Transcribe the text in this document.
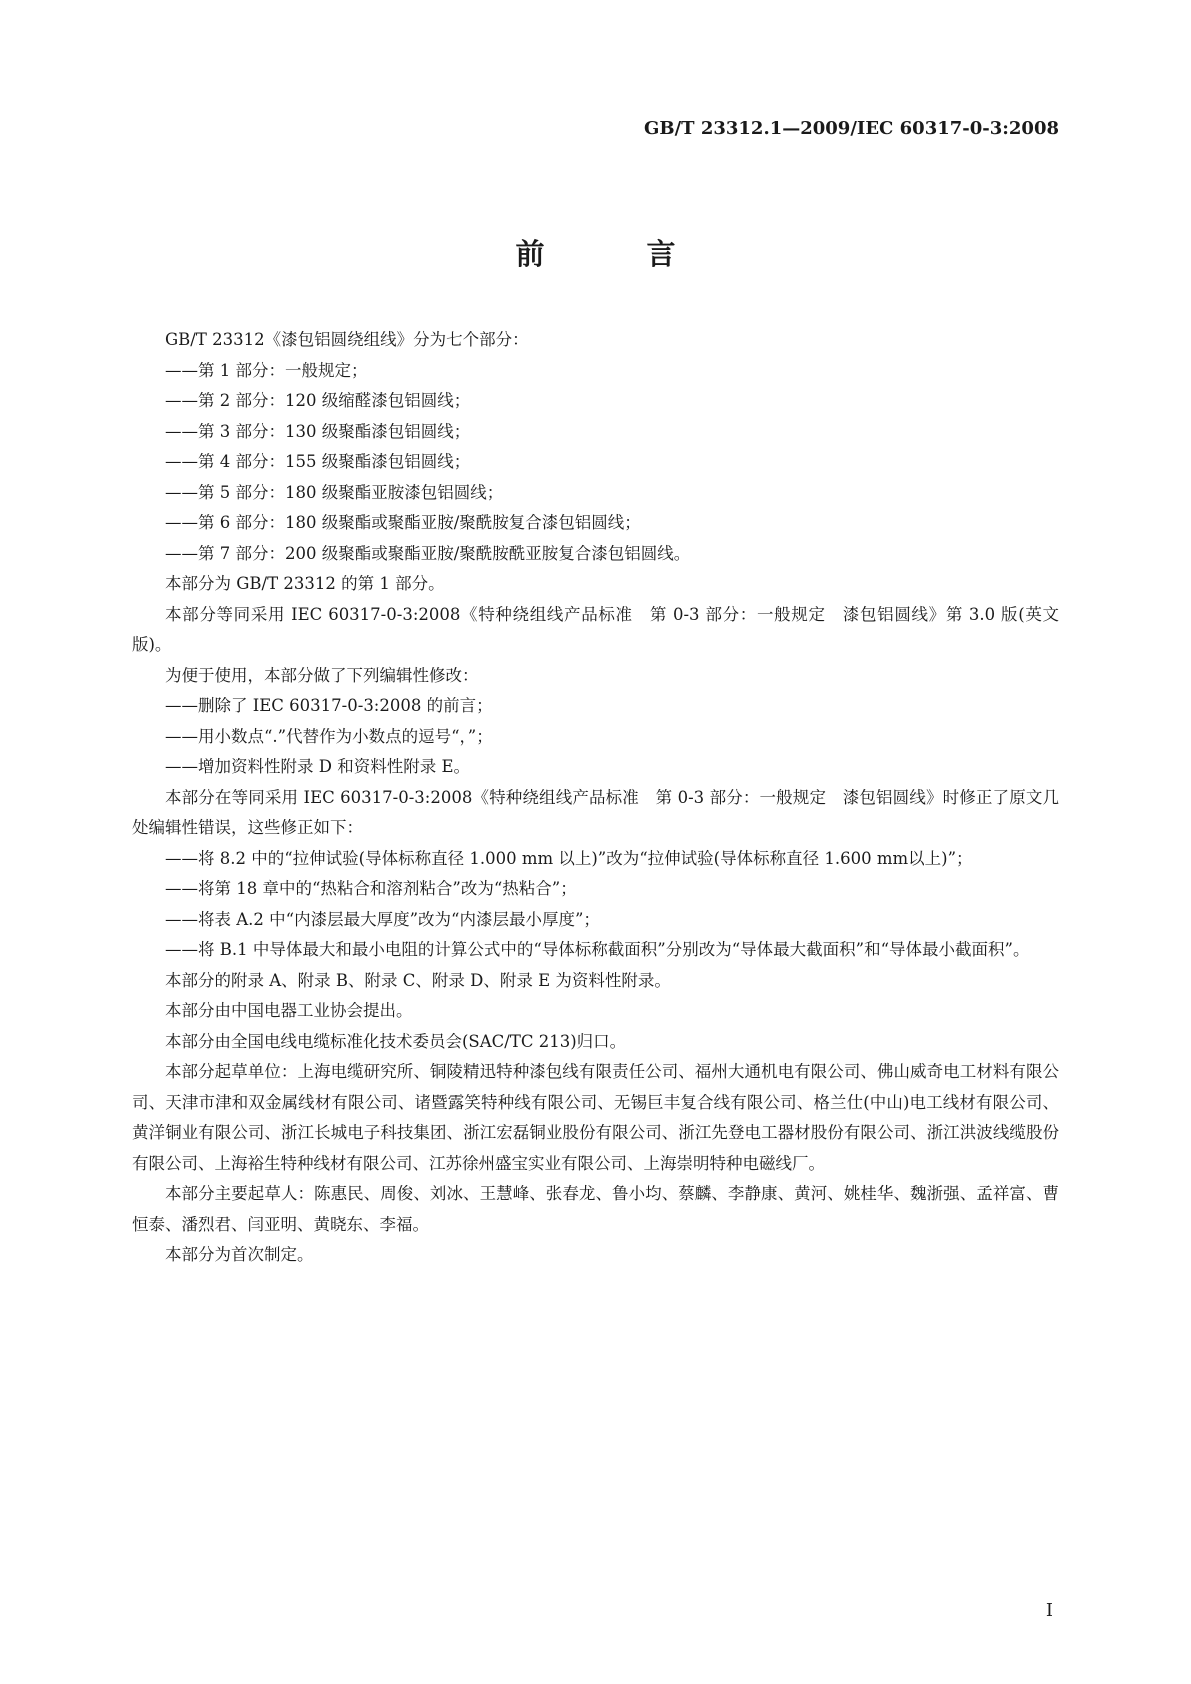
GB/T 23312.1—2009/IEC 60317-0-3:2008
前 言

GB/T 23312《漆包铝圆绕组线》分为七个部分：

——第 1 部分：一般规定；

——第 2 部分：120 级缩醛漆包铝圆线；

——第 3 部分：130 级聚酯漆包铝圆线；

——第 4 部分：155 级聚酯漆包铝圆线；

——第 5 部分：180 级聚酯亚胺漆包铝圆线；

——第 6 部分：180 级聚酯或聚酯亚胺/聚酰胺复合漆包铝圆线；

——第 7 部分：200 级聚酯或聚酯亚胺/聚酰胺酰亚胺复合漆包铝圆线。

本部分为 GB/T 23312 的第 1 部分。

本部分等同采用 IEC 60317-0-3:2008《特种绕组线产品标准　第 0-3 部分：一般规定　漆包铝圆线》第 3.0 版(英文版)。

为便于使用，本部分做了下列编辑性修改：

——删除了 IEC 60317-0-3:2008 的前言；

——用小数点“.”代替作为小数点的逗号“，”；

——增加资料性附录 D 和资料性附录 E。

本部分在等同采用 IEC 60317-0-3:2008《特种绕组线产品标准　第 0-3 部分：一般规定　漆包铝圆线》时修正了原文几处编辑性错误，这些修正如下：

——将 8.2 中的“拉伸试验(导体标称直径 1.000 mm 以上)”改为“拉伸试验(导体标称直径 1.600 mm以上)”；

——将第 18 章中的“热粘合和溶剂粘合”改为“热粘合”；

——将表 A.2 中“内漆层最大厚度”改为“内漆层最小厚度”；

——将 B.1 中导体最大和最小电阻的计算公式中的“导体标称截面积”分别改为“导体最大截面积”和“导体最小截面积”。

本部分的附录 A、附录 B、附录 C、附录 D、附录 E 为资料性附录。

本部分由中国电器工业协会提出。

本部分由全国电线电缆标准化技术委员会(SAC/TC 213)归口。

本部分起草单位：上海电缆研究所、铜陵精迅特种漆包线有限责任公司、福州大通机电有限公司、佛山威奇电工材料有限公司、天津市津和双金属线材有限公司、诸暨露笑特种线有限公司、无锡巨丰复合线有限公司、格兰仕(中山)电工线材有限公司、黄洋铜业有限公司、浙江长城电子科技集团、浙江宏磊铜业股份有限公司、浙江先登电工器材股份有限公司、浙江洪波线缆股份有限公司、上海裕生特种线材有限公司、江苏徐州盛宝实业有限公司、上海崇明特种电磁线厂。

本部分主要起草人：陈惠民、周俊、刘冰、王慧峰、张春龙、鲁小均、蔡麟、李静康、黄河、姚桂华、魏浙强、孟祥富、曹恒泰、潘烈君、闫亚明、黄晓东、李福。

本部分为首次制定。

I
